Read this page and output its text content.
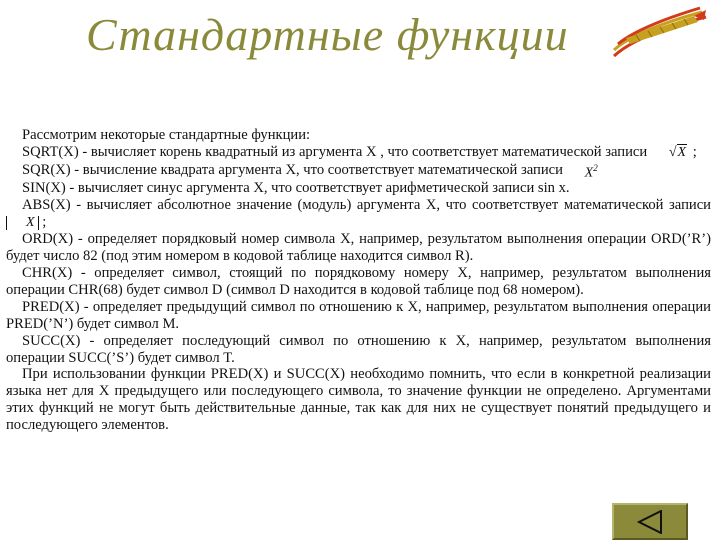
Стандартные функции

Рассмотрим некоторые стандартные функции:

SQRT(X) - вычисляет корень квадратный из аргумента X , что соответствует математической записи √X ;

SQR(X) - вычисление квадрата аргумента X, что соответствует математической записи $X^2$

SIN(X) - вычисляет синус аргумента X, что соответствует арифметической записи sin x.

ABS(X) - вычисляет абсолютное значение (модуль) аргумента X, что соответствует математической записи X ;

ORD(X) - определяет порядковый номер символа X, например, результатом выполнения операции ORD(’R’) будет число 82 (под этим номером в кодовой таблице находится символ R).

CHR(X) - определяет символ, стоящий по порядковому номеру X, например, результатом выполнения операции CHR(68) будет символ D (символ D находится в кодовой таблице под 68 номером).

PRED(X) - определяет предыдущий символ по отношению к X, например, результатом выполнения операции PRED(’N’) будет символ M.

SUCC(X) - определяет последующий символ по отношению к X, например, результатом выполнения операции SUCC(’S’) будет символ T.

При использовании функции PRED(X) и SUCC(X) необходимо помнить, что если в конкретной реализации языка нет для X предыдущего или последующего символа, то значение функции не определено. Аргументами этих функций не могут быть действительные данные, так как для них не существует понятий предыдущего и последующего элементов.
